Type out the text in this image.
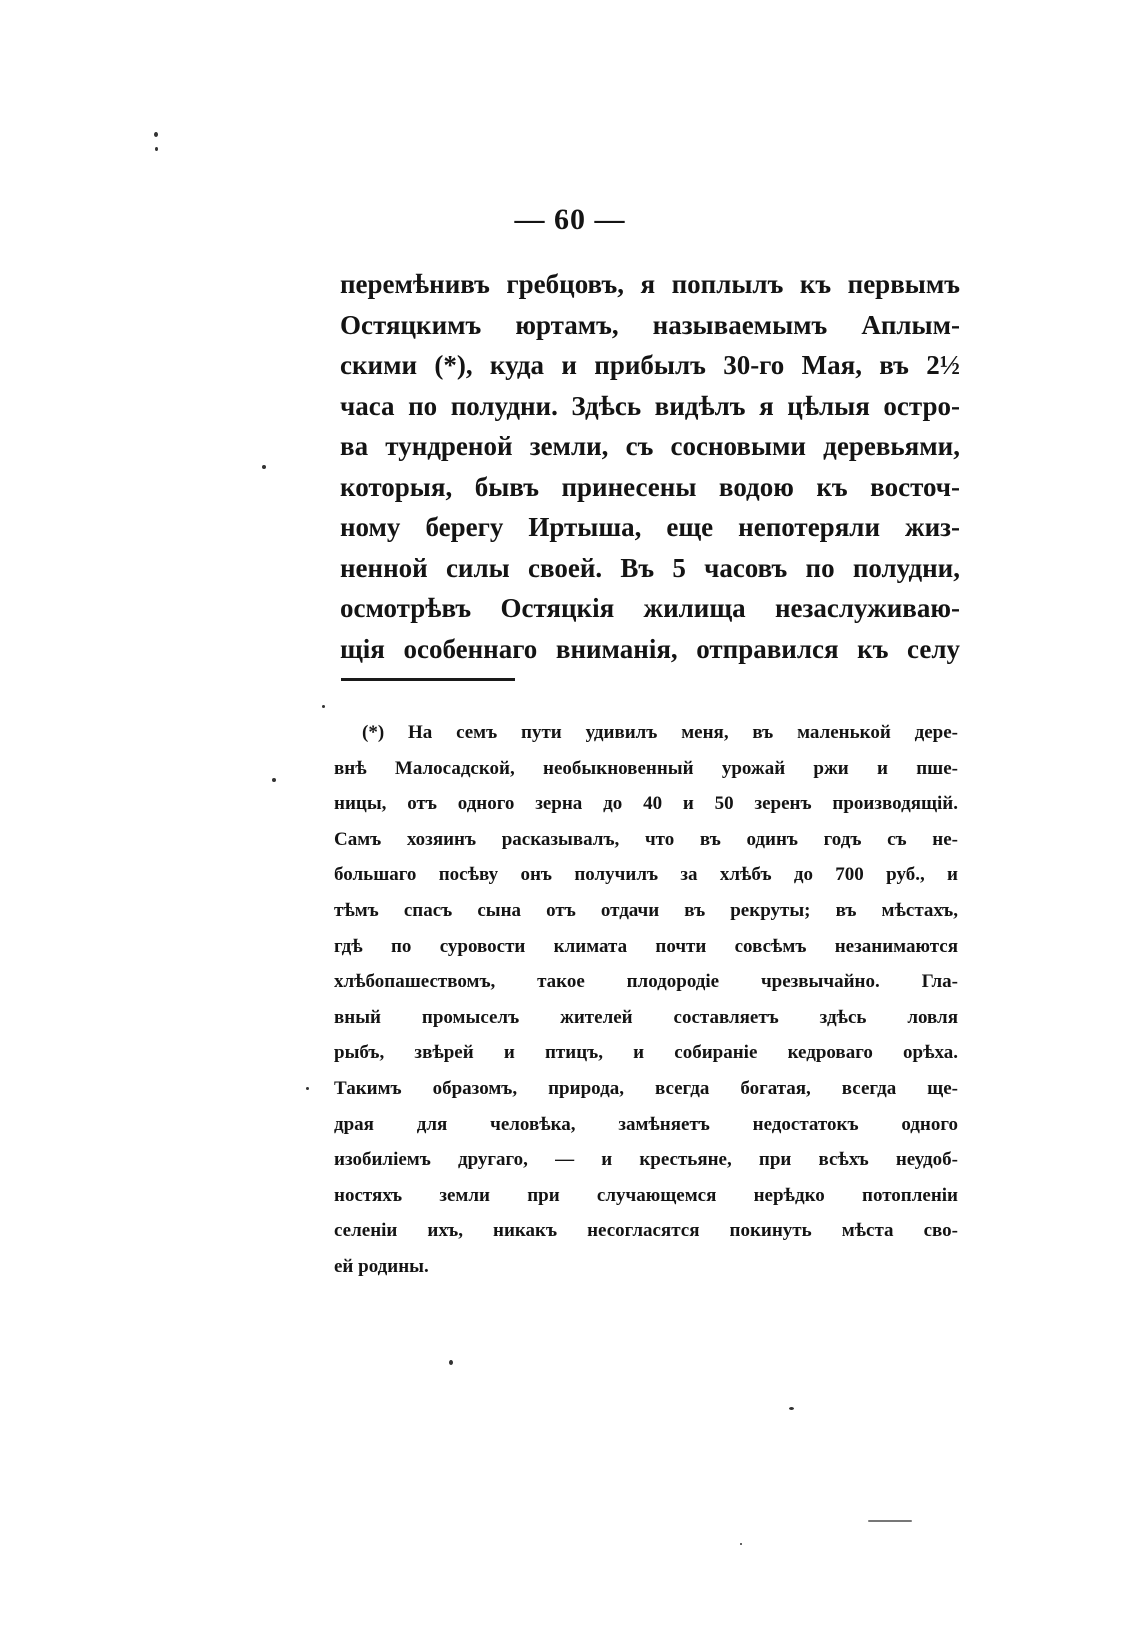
— 60 —
перемѣнивъ гребцовъ, я поплылъ къ первымъ
Остяцкимъ юртамъ, называемымъ Аплым-
скими (*), куда и прибылъ 30-го Мая, въ 2½
часа по полудни. Здѣсь видѣлъ я цѣлыя остро-
ва тундреной земли, съ сосновыми деревьями,
которыя, бывъ принесены водою къ восточ-
ному берегу Иртыша, еще непотеряли жиз-
ненной силы своей. Въ 5 часовъ по полудни,
осмотрѣвъ Остяцкія жилища незаслуживаю-
щія особеннаго вниманія, отправился къ селу
(*) На семъ пути удивилъ меня, въ маленькой дере-
внѣ Малосадской, необыкновенный урожай ржи и пше-
ницы, отъ одного зерна до 40 и 50 зеренъ производящій.
Самъ хозяинъ расказывалъ, что въ одинъ годъ съ не-
большаго посѣву онъ получилъ за хлѣбъ до 700 руб., и
тѣмъ спасъ сына отъ отдачи въ рекруты; въ мѣстахъ,
гдѣ по суровости климата почти совсѣмъ незанимаются
хлѣбопашествомъ, такое плодородіе чрезвычайно. Гла-
вный промыселъ жителей составляетъ здѣсь ловля
рыбъ, звѣрей и птицъ, и собираніе кедроваго орѣха.
Такимъ образомъ, природа, всегда богатая, всегда ще-
драя для человѣка, замѣняетъ недостатокъ одного
изобиліемъ другаго, — и крестьяне, при всѣхъ неудоб-
ностяхъ земли при случающемся нерѣдко потопленіи
селеніи ихъ, никакъ несогласятся покинуть мѣста сво-
ей родины.
